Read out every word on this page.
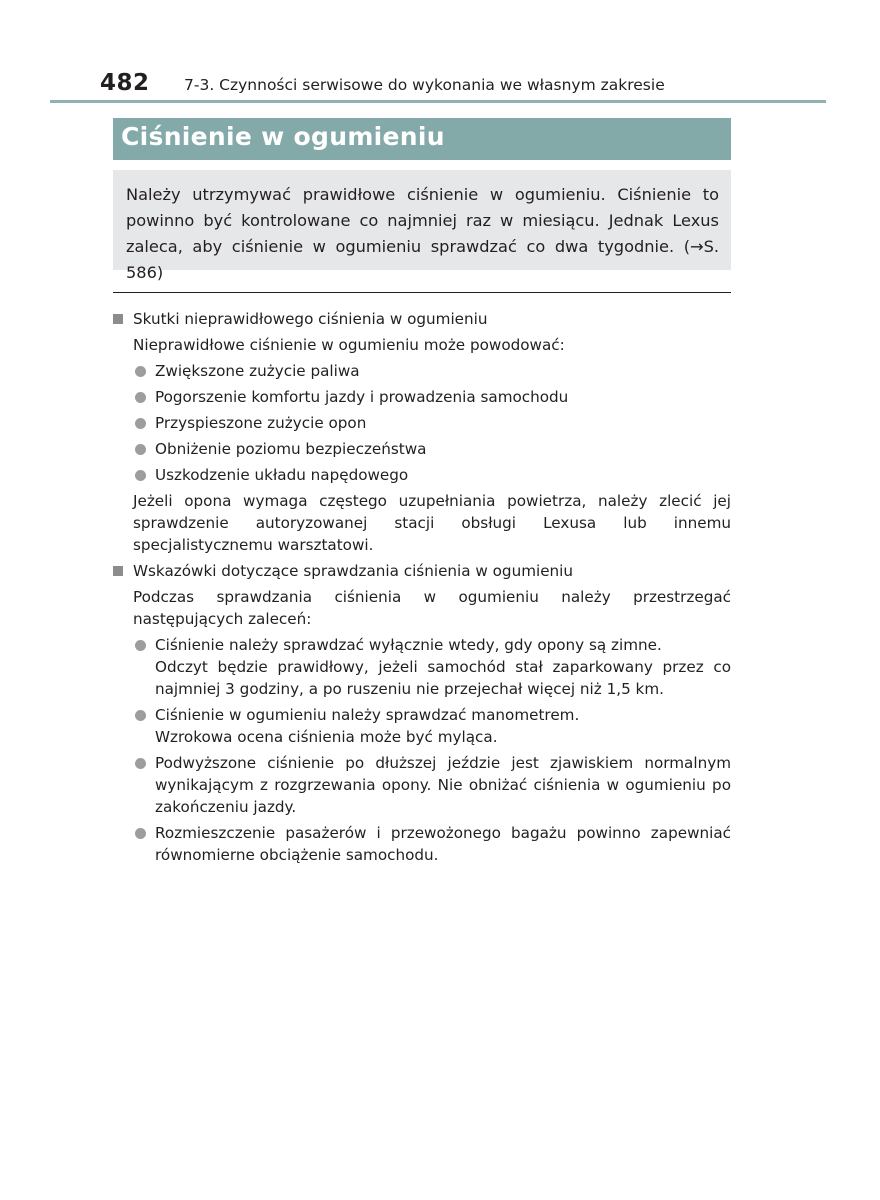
482 7-3. Czynności serwisowe do wykonania we własnym zakresie
Ciśnienie w ogumieniu

Należy utrzymywać prawidłowe ciśnienie w ogumieniu. Ciśnienie to powinno być kontrolowane co najmniej raz w miesiącu. Jednak Lexus zaleca, aby ciśnienie w ogumieniu sprawdzać co dwa tygodnie. (→S. 586)

Skutki nieprawidłowego ciśnienia w ogumieniu
Nieprawidłowe ciśnienie w ogumieniu może powodować:
Zwiększone zużycie paliwa
Pogorszenie komfortu jazdy i prowadzenia samochodu
Przyspieszone zużycie opon
Obniżenie poziomu bezpieczeństwa
Uszkodzenie układu napędowego
Jeżeli opona wymaga częstego uzupełniania powietrza, należy zlecić jej sprawdzenie autoryzowanej stacji obsługi Lexusa lub innemu specjalistycznemu warsztatowi.
Wskazówki dotyczące sprawdzania ciśnienia w ogumieniu
Podczas sprawdzania ciśnienia w ogumieniu należy przestrzegać następujących zaleceń:
Ciśnienie należy sprawdzać wyłącznie wtedy, gdy opony są zimne.
Odczyt będzie prawidłowy, jeżeli samochód stał zaparkowany przez co najmniej 3 godziny, a po ruszeniu nie przejechał więcej niż 1,5 km.
Ciśnienie w ogumieniu należy sprawdzać manometrem.
Wzrokowa ocena ciśnienia może być myląca.
Podwyższone ciśnienie po dłuższej jeździe jest zjawiskiem normalnym wynikającym z rozgrzewania opony. Nie obniżać ciśnienia w ogumieniu po zakończeniu jazdy.
Rozmieszczenie pasażerów i przewożonego bagażu powinno zapewniać równomierne obciążenie samochodu.
